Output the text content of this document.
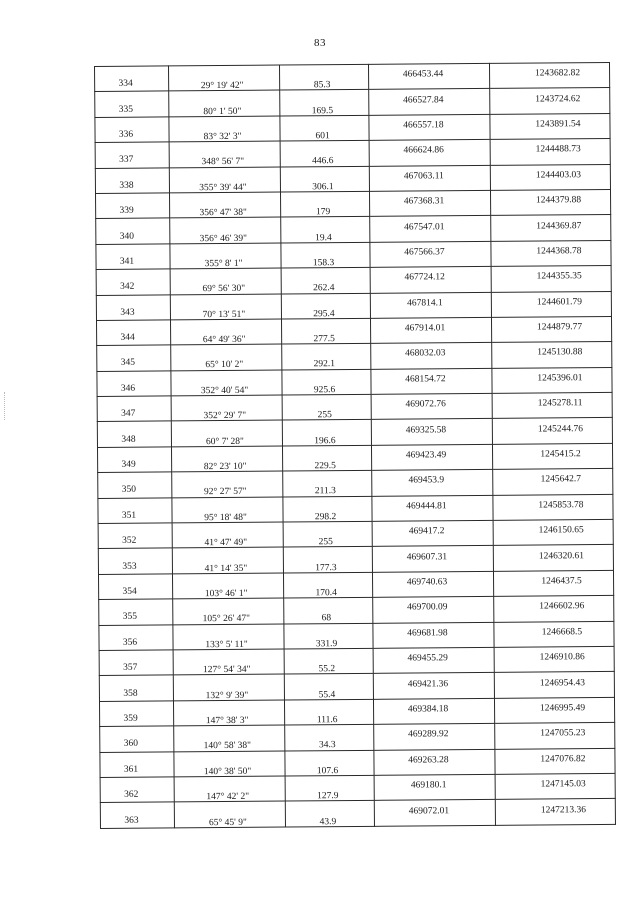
83
334	29° 19' 42"	85.3	466453.44	1243682.82
335	80° 1' 50"	169.5	466527.84	1243724.62
336	83° 32' 3"	601	466557.18	1243891.54
337	348° 56' 7"	446.6	466624.86	1244488.73
338	355° 39' 44"	306.1	467063.11	1244403.03
339	356° 47' 38"	179	467368.31	1244379.88
340	356° 46' 39"	19.4	467547.01	1244369.87
341	355° 8' 1"	158.3	467566.37	1244368.78
342	69° 56' 30"	262.4	467724.12	1244355.35
343	70° 13' 51"	295.4	467814.1	1244601.79
344	64° 49' 36"	277.5	467914.01	1244879.77
345	65° 10' 2"	292.1	468032.03	1245130.88
346	352° 40' 54"	925.6	468154.72	1245396.01
347	352° 29' 7"	255	469072.76	1245278.11
348	60° 7' 28"	196.6	469325.58	1245244.76
349	82° 23' 10"	229.5	469423.49	1245415.2
350	92° 27' 57"	211.3	469453.9	1245642.7
351	95° 18' 48"	298.2	469444.81	1245853.78
352	41° 47' 49"	255	469417.2	1246150.65
353	41° 14' 35"	177.3	469607.31	1246320.61
354	103° 46' 1"	170.4	469740.63	1246437.5
355	105° 26' 47"	68	469700.09	1246602.96
356	133° 5' 11"	331.9	469681.98	1246668.5
357	127° 54' 34"	55.2	469455.29	1246910.86
358	132° 9' 39"	55.4	469421.36	1246954.43
359	147° 38' 3"	111.6	469384.18	1246995.49
360	140° 58' 38"	34.3	469289.92	1247055.23
361	140° 38' 50"	107.6	469263.28	1247076.82
362	147° 42' 2"	127.9	469180.1	1247145.03
363	65° 45' 9"	43.9	469072.01	1247213.36
